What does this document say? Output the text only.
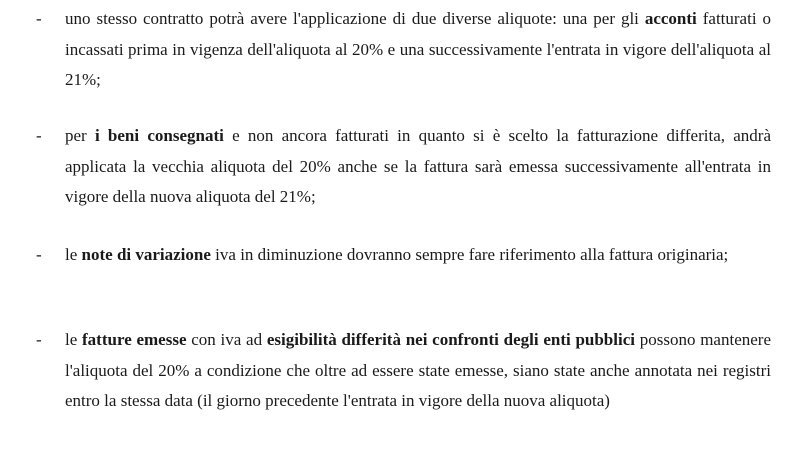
- uno stesso contratto potrà avere l'applicazione di due diverse aliquote: una per gli acconti fatturati o incassati prima in vigenza dell'aliquota al 20% e una successivamente l'entrata in vigore dell'aliquota al 21%;
- per i beni consegnati e non ancora fatturati in quanto si è scelto la fatturazione differita, andrà applicata la vecchia aliquota del 20% anche se la fattura sarà emessa successivamente all'entrata in vigore della nuova aliquota del 21%;
- le note di variazione iva in diminuzione dovranno sempre fare riferimento alla fattura originaria;
- le fatture emesse con iva ad esigibilità differità nei confronti degli enti pubblici possono mantenere l'aliquota del 20% a condizione che oltre ad essere state emesse, siano state anche annotata nei registri entro la stessa data (il giorno precedente l'entrata in vigore della nuova aliquota)
